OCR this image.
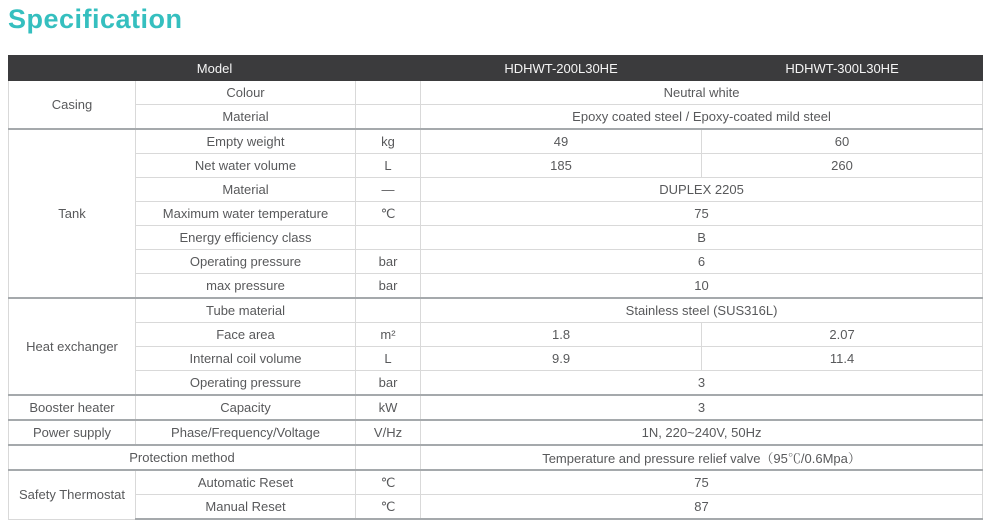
Specification
Model			HDHWT-200L30HE	HDHWT-300L30HE
Casing	Colour		Neutral white	
	Material		Epoxy coated steel / Epoxy-coated mild steel	
Tank	Empty weight	kg	49	60
	Net water volume	L	185	260
	Material	—	DUPLEX 2205	
	Maximum water temperature	℃	75	
	Energy efficiency class		B	
	Operating pressure	bar	6	
	max pressure	bar	10	
Heat exchanger	Tube material		Stainless steel (SUS316L)	
	Face area	m²	1.8	2.07
	Internal coil volume	L	9.9	11.4
	Operating pressure	bar	3	
Booster heater	Capacity	kW	3	
Power supply	Phase/Frequency/Voltage	V/Hz	1N, 220~240V, 50Hz	
Protection method			Temperature and pressure relief valve（95℃/0.6Mpa）	
Safety Thermostat	Automatic Reset	℃	75	
	Manual Reset	℃	87	
